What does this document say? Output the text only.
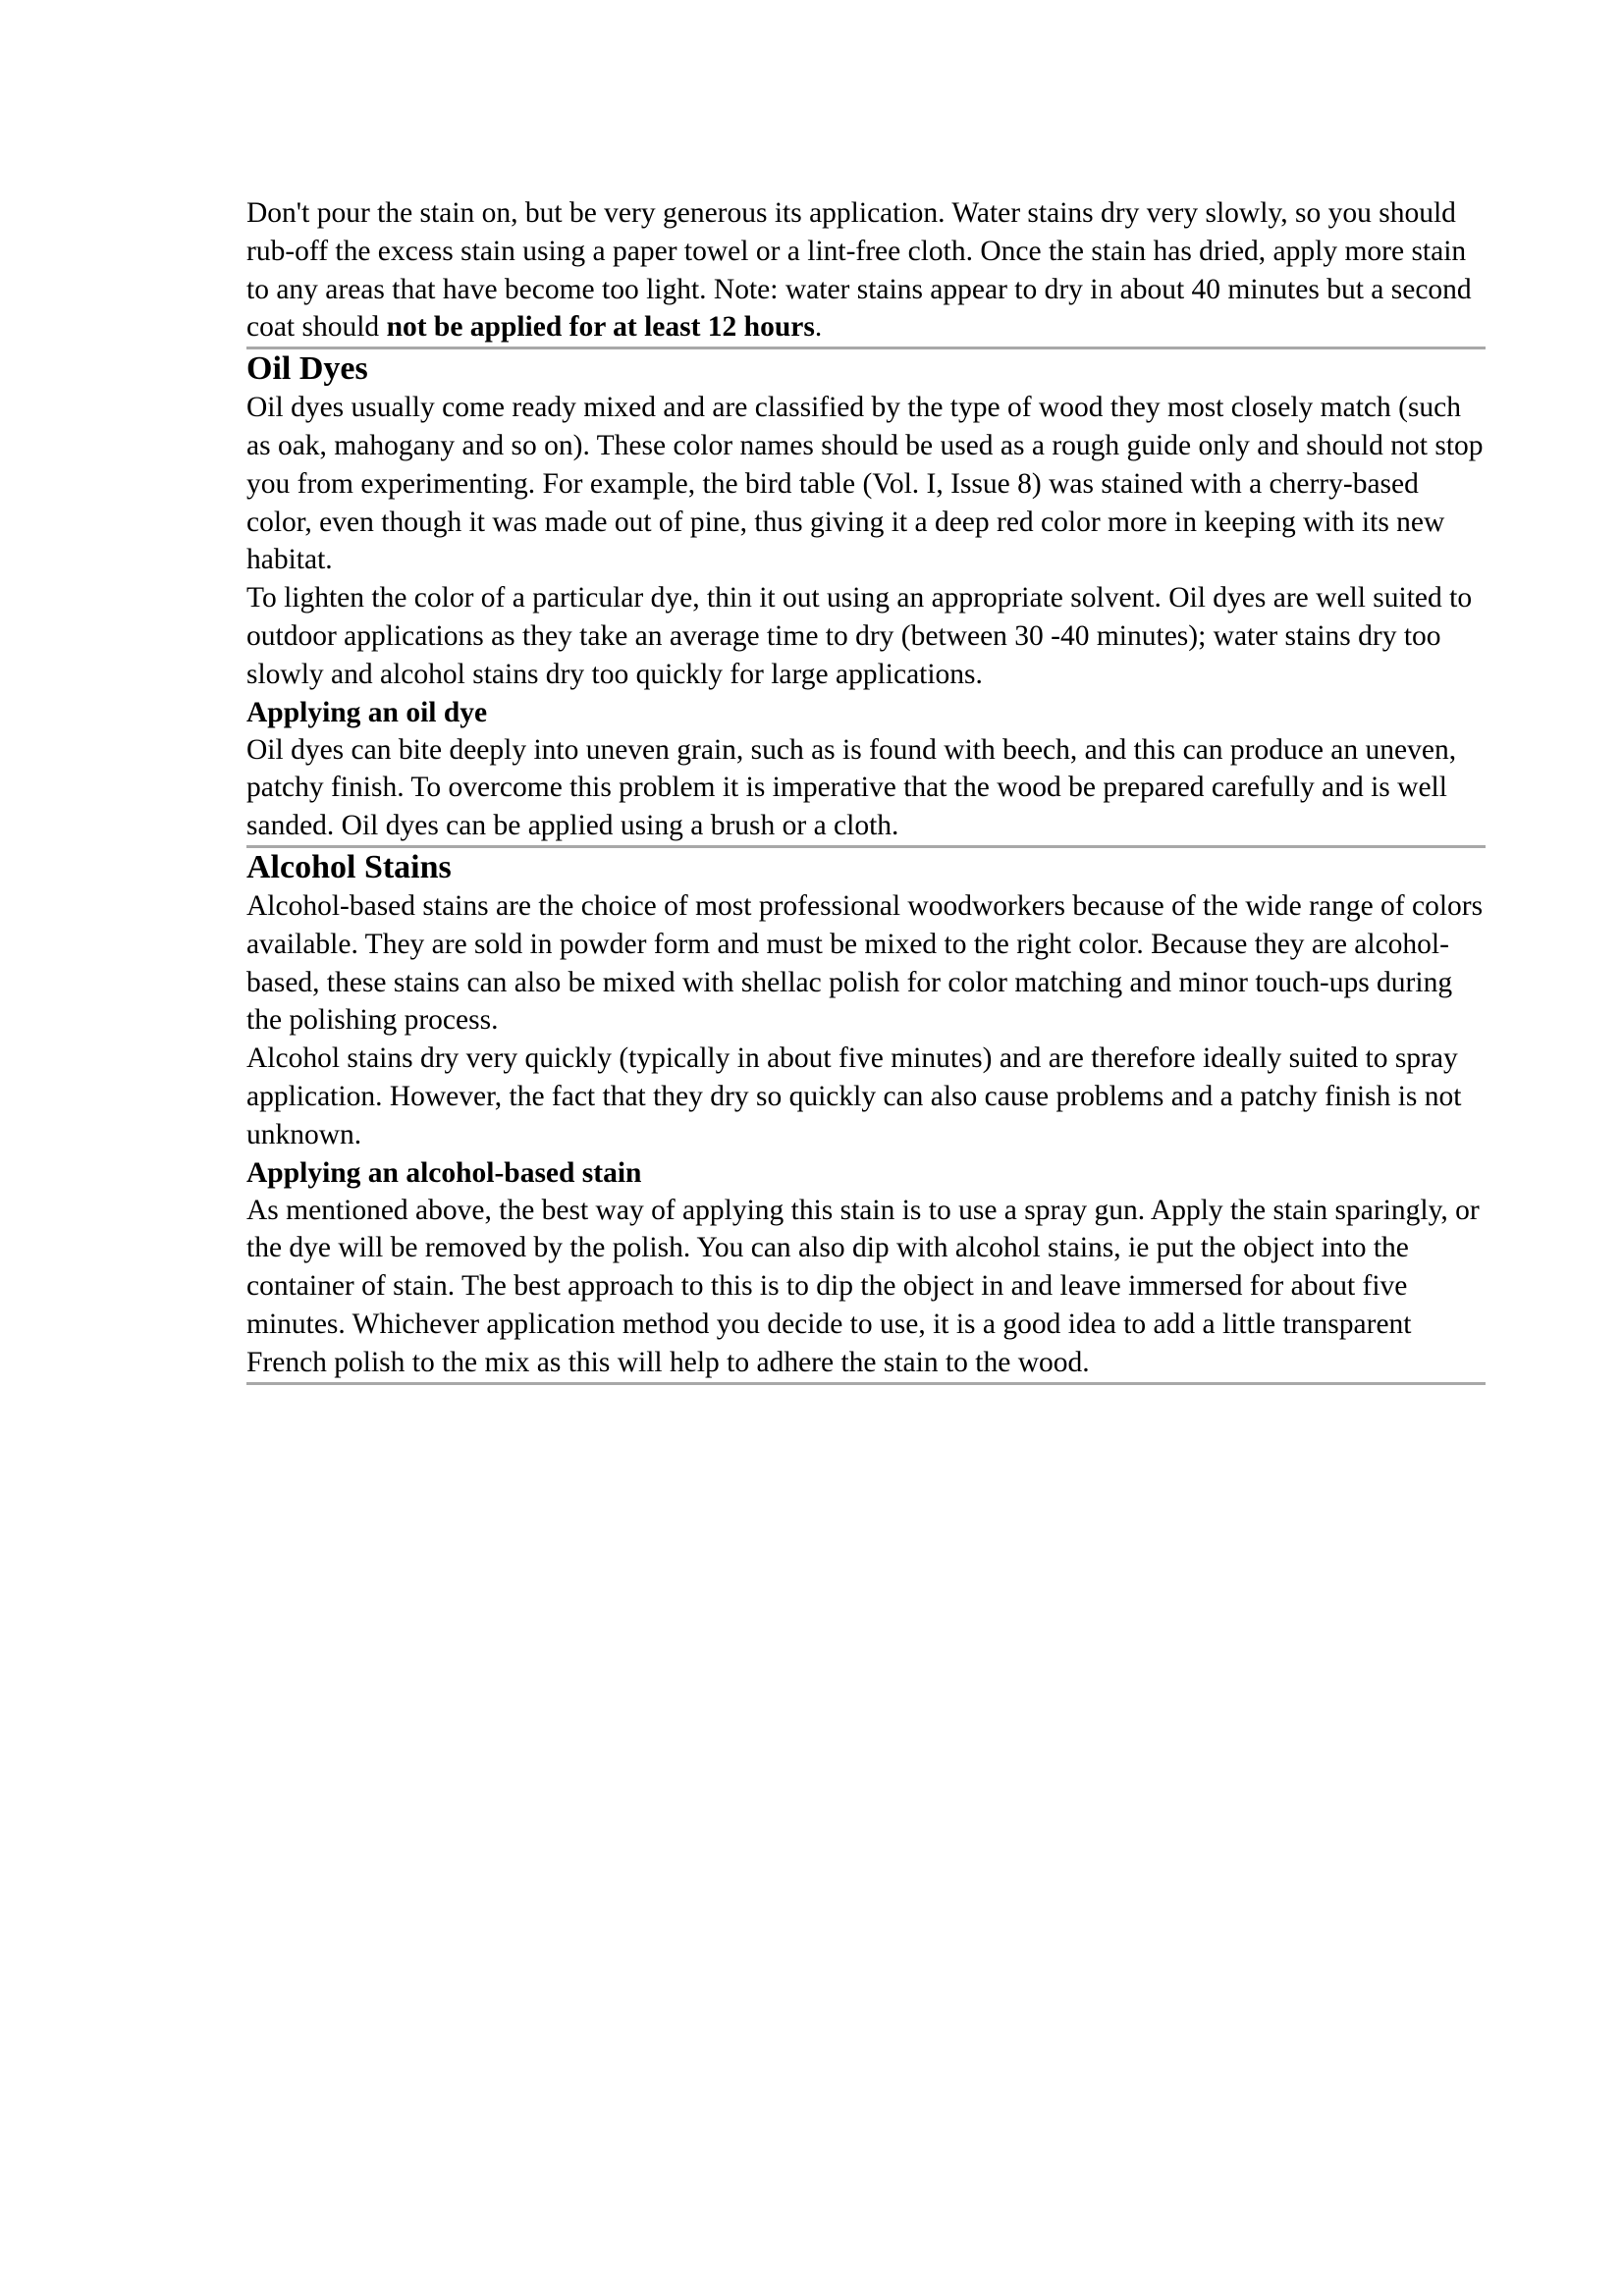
Don't pour the stain on, but be very generous its application. Water stains dry very slowly, so you should rub-off the excess stain using a paper towel or a lint-free cloth. Once the stain has dried, apply more stain to any areas that have become too light. Note: water stains appear to dry in about 40 minutes but a second coat should not be applied for at least 12 hours.

Oil Dyes

Oil dyes usually come ready mixed and are classified by the type of wood they most closely match (such as oak, mahogany and so on). These color names should be used as a rough guide only and should not stop you from experimenting. For example, the bird table (Vol. I, Issue 8) was stained with a cherry-based color, even though it was made out of pine, thus giving it a deep red color more in keeping with its new habitat.

To lighten the color of a particular dye, thin it out using an appropriate solvent. Oil dyes are well suited to outdoor applications as they take an average time to dry (between 30 -40 minutes); water stains dry too slowly and alcohol stains dry too quickly for large applications.

Applying an oil dye

Oil dyes can bite deeply into uneven grain, such as is found with beech, and this can produce an uneven, patchy finish. To overcome this problem it is imperative that the wood be prepared carefully and is well sanded. Oil dyes can be applied using a brush or a cloth.

Alcohol Stains

Alcohol-based stains are the choice of most professional woodworkers because of the wide range of colors available. They are sold in powder form and must be mixed to the right color. Because they are alcohol-based, these stains can also be mixed with shellac polish for color matching and minor touch-ups during the polishing process.

Alcohol stains dry very quickly (typically in about five minutes) and are therefore ideally suited to spray application. However, the fact that they dry so quickly can also cause problems and a patchy finish is not unknown.

Applying an alcohol-based stain

As mentioned above, the best way of applying this stain is to use a spray gun. Apply the stain sparingly, or the dye will be removed by the polish. You can also dip with alcohol stains, ie put the object into the container of stain. The best approach to this is to dip the object in and leave immersed for about five minutes. Whichever application method you decide to use, it is a good idea to add a little transparent French polish to the mix as this will help to adhere the stain to the wood.
